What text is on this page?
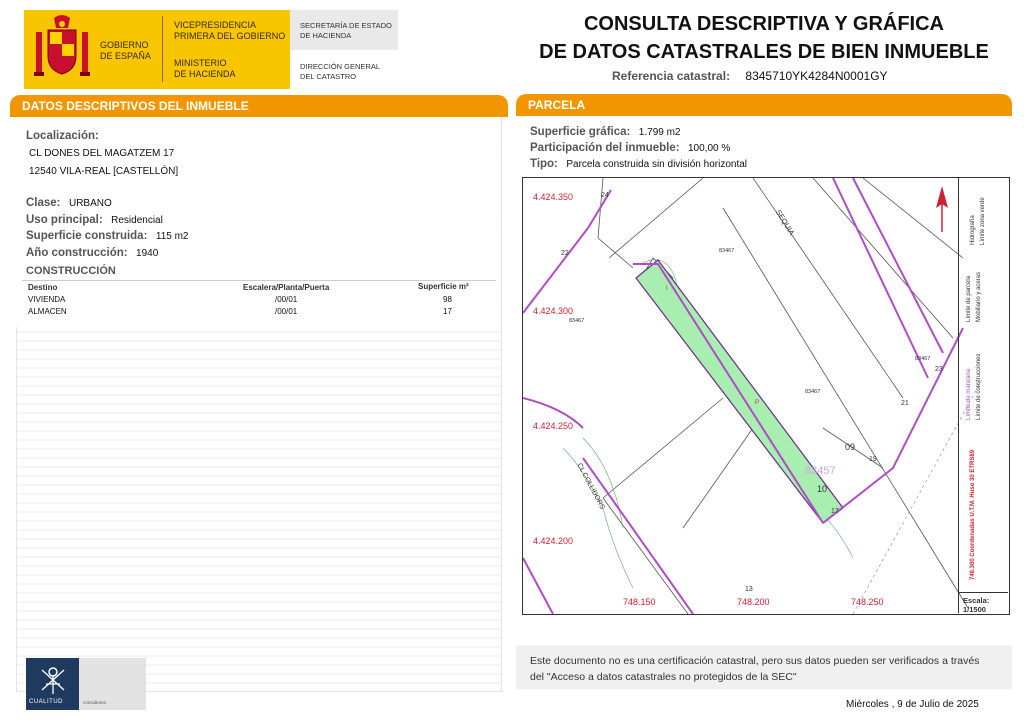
GOBIERNO
DE ESPAÑA
VICEPRESIDENCIA
PRIMERA DEL GOBIERNO
MINISTERIO
DE HACIENDA
SECRETARÍA DE ESTADO
DE HACIENDA
DIRECCIÓN GENERAL
DEL CATASTRO
CONSULTA DESCRIPTIVA Y GRÁFICA
DE DATOS CATASTRALES DE BIEN INMUEBLE
Referencia catastral: 8345710YK4284N0001GY
DATOS DESCRIPTIVOS DEL INMUEBLE
Localización:
CL DONES DEL MAGATZEM 17
12540 VILA-REAL [CASTELLÓN]
Clase: URBANO
Uso principal: Residencial
Superficie construida: 115 m2
Año construcción: 1940
CONSTRUCCIÓN
Destino	Escalera/Planta/Puerta	Superficie m²
VIVIENDA	/00/01	98
ALMACEN	/00/01	17
PARCELA
Superficie gráfica: 1.799 m2
Participación del inmueble: 100,00 %
Tipo: Parcela construida sin división horizontal
4.424.350
4.424.300
4.424.250
4.424.200
748.150	748.200	748.250
SEQUIA
CL COLLIDORS
83467
83467
83467
83467
83457
24
22
23
21
19
17
13
09
10
P
I
Hidrografía Límite zona verde
Límite de parcela Mobiliario y aceras
Límite de manzana Límite de construcciones
748.300 Coordenadas U.T.M. Huso 30 ETRS89
Escala:
1/1500
Este documento no es una certificación catastral, pero sus datos pueden ser verificados a través del "Acceso a datos catastrales no protegidos de la SEC"
Miércoles , 9 de Julio de 2025
CUALITUD	consultores
